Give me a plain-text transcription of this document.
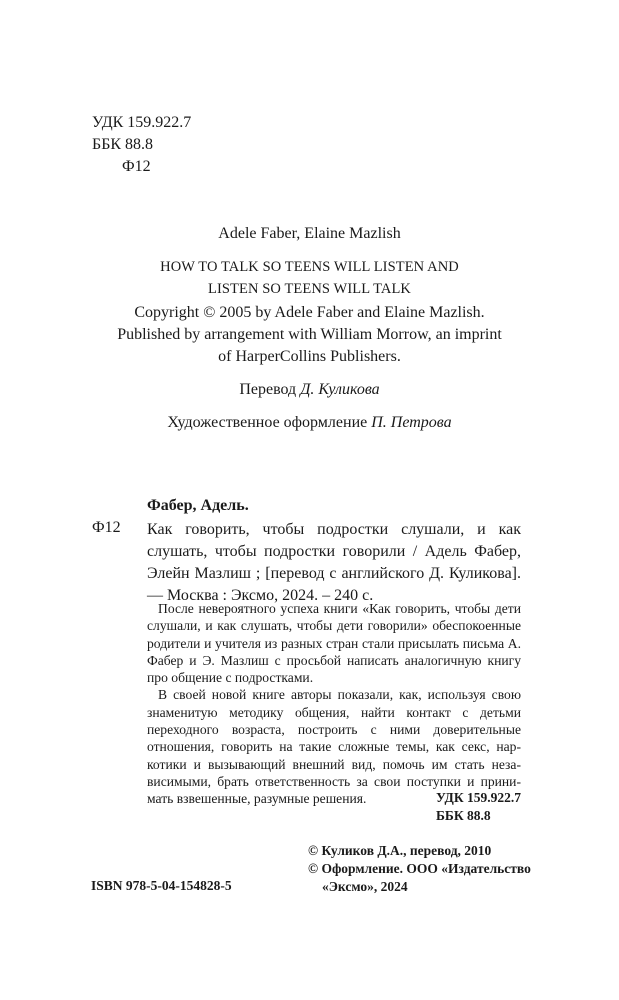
УДК 159.922.7
ББК 88.8
Ф12
Adele Faber, Elaine Mazlish
HOW TO TALK SO TEENS WILL LISTEN AND
LISTEN SO TEENS WILL TALK
Copyright © 2005 by Adele Faber and Elaine Mazlish.
Published by arrangement with William Morrow, an imprint
of HarperCollins Publishers.
Перевод Д. Куликова
Художественное оформление П. Петрова
Фабер, Адель.
Ф12 Как говорить, чтобы подростки слушали, и как слушать, чтобы подростки говорили / Адель Фабер, Элейн Мазлиш ; [перевод с английского Д. Куликова]. — Москва : Эксмо, 2024. – 240 с.

После невероятного успеха книги «Как говорить, чтобы дети слушали, и как слушать, чтобы дети говорили» обеспокоенные родители и учителя из разных стран стали присылать письма А. Фабер и Э. Мазлиш с просьбой написать аналогичную книгу про общение с подростками.

В своей новой книге авторы показали, как, используя свою знаменитую методику общения, найти контакт с детьми переходного возраста, построить с ними доверительные отношения, говорить на такие сложные темы, как секс, наркотики и вызывающий внешний вид, помочь им стать независимыми, брать ответственность за свои поступки и принимать взвешенные, разумные решения.	УДК 159.922.7
ББК 88.8
© Куликов Д.А., перевод, 2010
© Оформление. ООО «Издательство
«Эксмо», 2024
ISBN 978-5-04-154828-5
